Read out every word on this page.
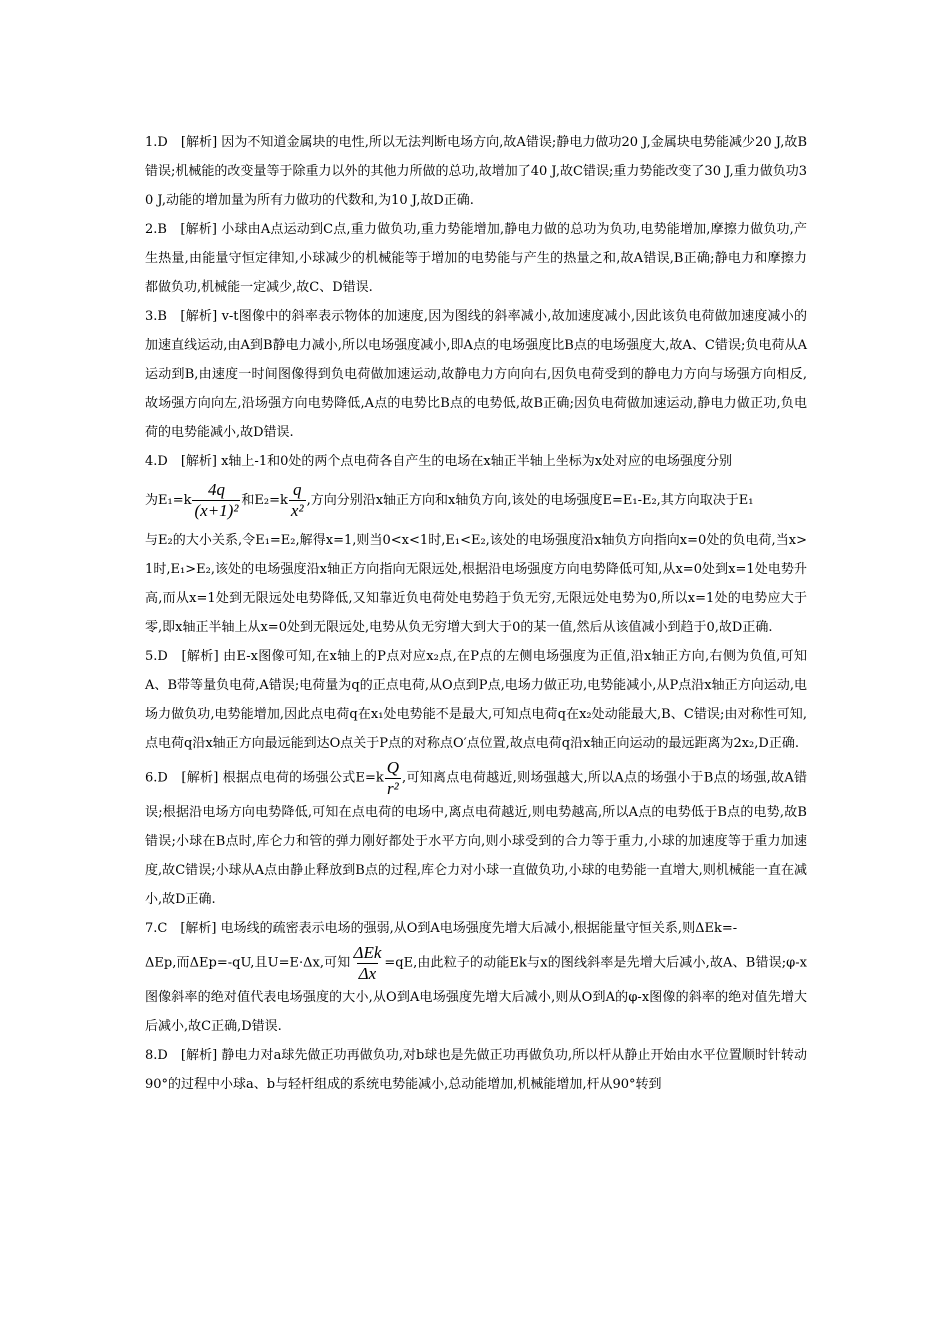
1.D　[解析] 因为不知道金属块的电性,所以无法判断电场方向,故A错误;静电力做功20 J,金属块电势能减少20 J,故B错误;机械能的改变量等于除重力以外的其他力所做的总功,故增加了40 J,故C错误;重力势能改变了30 J,重力做负功30 J,动能的增加量为所有力做功的代数和,为10 J,故D正确.

2.B　[解析] 小球由A点运动到C点,重力做负功,重力势能增加,静电力做的总功为负功,电势能增加,摩擦力做负功,产生热量,由能量守恒定律知,小球减少的机械能等于增加的电势能与产生的热量之和,故A错误,B正确;静电力和摩擦力都做负功,机械能一定减少,故C、D错误.

3.B　[解析] v-t图像中的斜率表示物体的加速度,因为图线的斜率减小,故加速度减小,因此该负电荷做加速度减小的加速直线运动,由A到B静电力减小,所以电场强度减小,即A点的电场强度比B点的电场强度大,故A、C错误;负电荷从A运动到B,由速度一时间图像得到负电荷做加速运动,故静电力方向向右,因负电荷受到的静电力方向与场强方向相反,故场强方向向左,沿场强方向电势降低,A点的电势比B点的电势低,故B正确;因负电荷做加速运动,静电力做正功,负电荷的电势能减小,故D错误.

4.D　[解析] x轴上-1和0处的两个点电荷各自产生的电场在x轴正半轴上坐标为x处对应的电场强度分别

为$E_1=k \frac{4q}{\text{(x+1)²}}$ 和$E_2=k \frac{q}{\text{x²}}$ ,方向分别沿x轴正方向和x轴负方向,该处的电场强度E=E₁-E₂,其方向取决于E₁

与E₂的大小关系,令E₁=E₂,解得x=1,则当0<x<1时,E₁<E₂,该处的电场强度沿x轴负方向指向x=0处的负电荷,当x>1时,E₁>E₂,该处的电场强度沿x轴正方向指向无限远处,根据沿电场强度方向电势降低可知,从x=0处到x=1处电势升高,而从x=1处到无限远处电势降低,又知靠近负电荷处电势趋于负无穷,无限远处电势为0,所以x=1处的电势应大于零,即x轴正半轴上从x=0处到无限远处,电势从负无穷增大到大于0的某一值,然后从该值减小到趋于0,故D正确.

5.D　[解析] 由E-x图像可知,在x轴上的P点对应x₂点,在P点的左侧电场强度为正值,沿x轴正方向,右侧为负值,可知A、B带等量负电荷,A错误;电荷量为q的正点电荷,从O点到P点,电场力做正功,电势能减小,从P点沿x轴正方向运动,电场力做负功,电势能增加,因此点电荷q在x₁处电势能不是最大,可知点电荷q在x₂处动能最大,B、C错误;由对称性可知,点电荷q沿x轴正方向最远能到达O点关于P点的对称点O′点位置,故点电荷q沿x轴正向运动的最远距离为2x₂,D正确.

6.D　[解析] 根据点电荷的场强公式$E=k \frac{Q}{\text{r²}}$ ,可知离点电荷越近,则场强越大,所以A点的场强小于B点的场强,故A错误;根据沿电场方向电势降低,可知在点电荷的电场中,离点电荷越近,则电势越高,所以A点的电势低于B点的电势,故B错误;小球在B点时,库仑力和管的弹力刚好都处于水平方向,则小球受到的合力等于重力,小球的加速度等于重力加速度,故C错误;小球从A点由静止释放到B点的过程,库仑力对小球一直做负功,小球的电势能一直增大,则机械能一直在减小,故D正确.

7.C　[解析] 电场线的疏密表示电场的强弱,从O到A电场强度先增大后减小,根据能量守恒关系,则ΔEk=-

ΔEp,而ΔEp=-qU,且U=E·Δx,可知 $\frac{\text{ΔEk}}{\Delta x} =qE$,由此粒子的动能Ek与x的图线斜率是先增大后减小,故A、B错误;φ-x图像斜率的绝对值代表电场强度的大小,从O到A电场强度先增大后减小,则从O到A的φ-x图像的斜率的绝对值先增大后减小,故C正确,D错误.

8.D　[解析] 静电力对a球先做正功再做负功,对b球也是先做正功再做负功,所以杆从静止开始由水平位置顺时针转动90°的过程中小球a、b与轻杆组成的系统电势能减小,总动能增加,机械能增加,杆从90°转到
